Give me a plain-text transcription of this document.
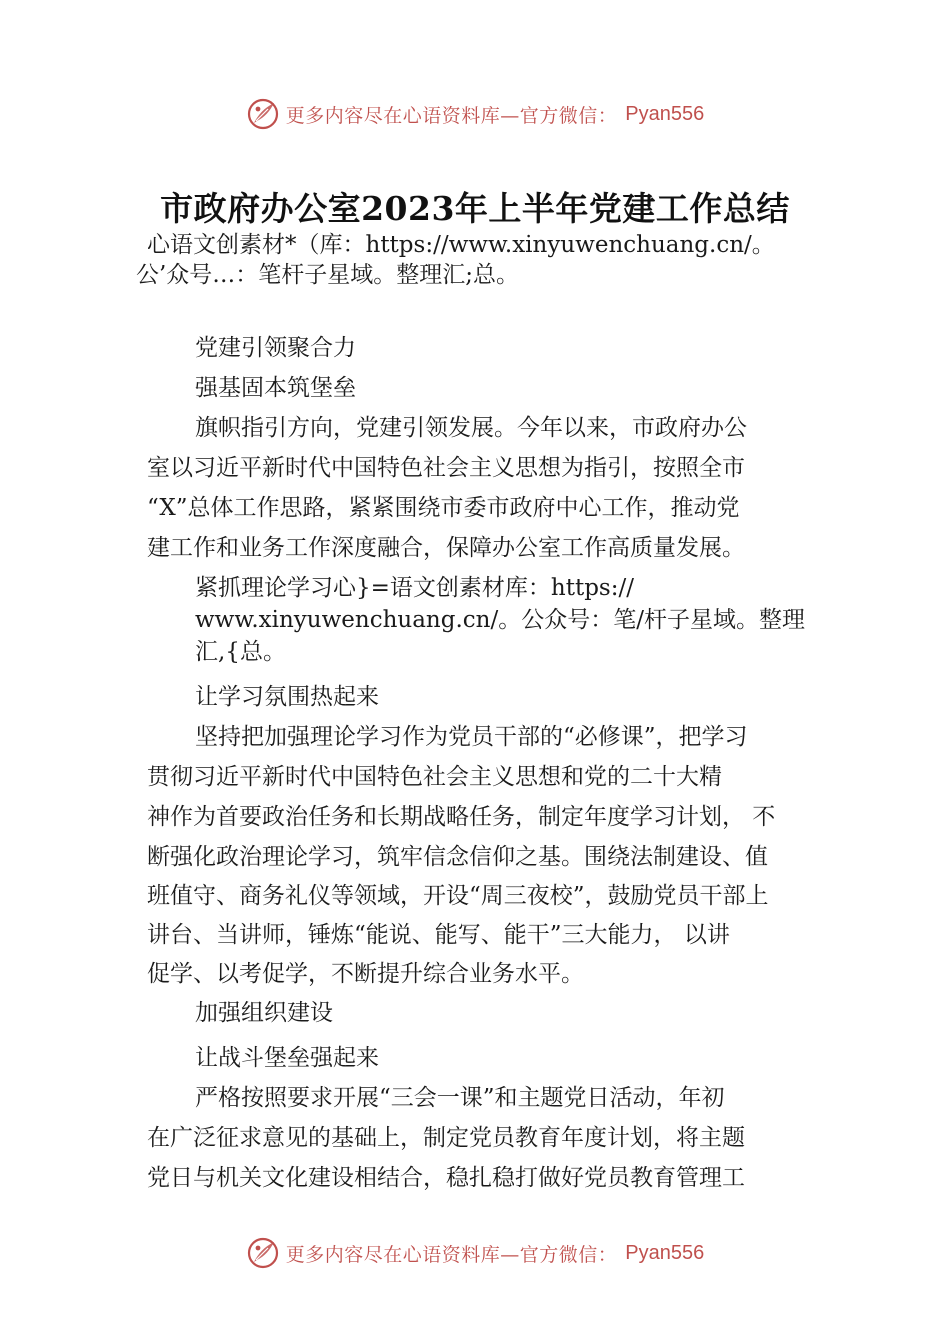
更多内容尽在心语资料库—官方微信： Pyan556
市政府办公室2023年上半年党建工作总结

心语文创素材*（库：https://www.xinyuwenchuang.cn/。

公’众号…：笔杆子星域。整理汇;总。

党建引领聚合力

强基固本筑堡垒

旗帜指引方向，党建引领发展。今年以来，市政府办公

室以习近平新时代中国特色社会主义思想为指引，按照全市

“X”总体工作思路，紧紧围绕市委市政府中心工作，推动党

建工作和业务工作深度融合，保障办公室工作高质量发展。

紧抓理论学习心}=语文创素材库：https://

www.xinyuwenchuang.cn/。公众号：笔/杆子星域。整理

汇,{总。

让学习氛围热起来

坚持把加强理论学习作为党员干部的“必修课”，把学习

贯彻习近平新时代中国特色社会主义思想和党的二十大精

神作为首要政治任务和长期战略任务，制定年度学习计划， 不

断强化政治理论学习，筑牢信念信仰之基。围绕法制建设、值

班值守、商务礼仪等领域，开设“周三夜校”，鼓励党员干部上

讲台、当讲师，锤炼“能说、能写、能干”三大能力， 以讲

促学、以考促学，不断提升综合业务水平。

加强组织建设

让战斗堡垒强起来

严格按照要求开展“三会一课”和主题党日活动，年初

在广泛征求意见的基础上，制定党员教育年度计划，将主题

党日与机关文化建设相结合，稳扎稳打做好党员教育管理工

更多内容尽在心语资料库—官方微信： Pyan556
